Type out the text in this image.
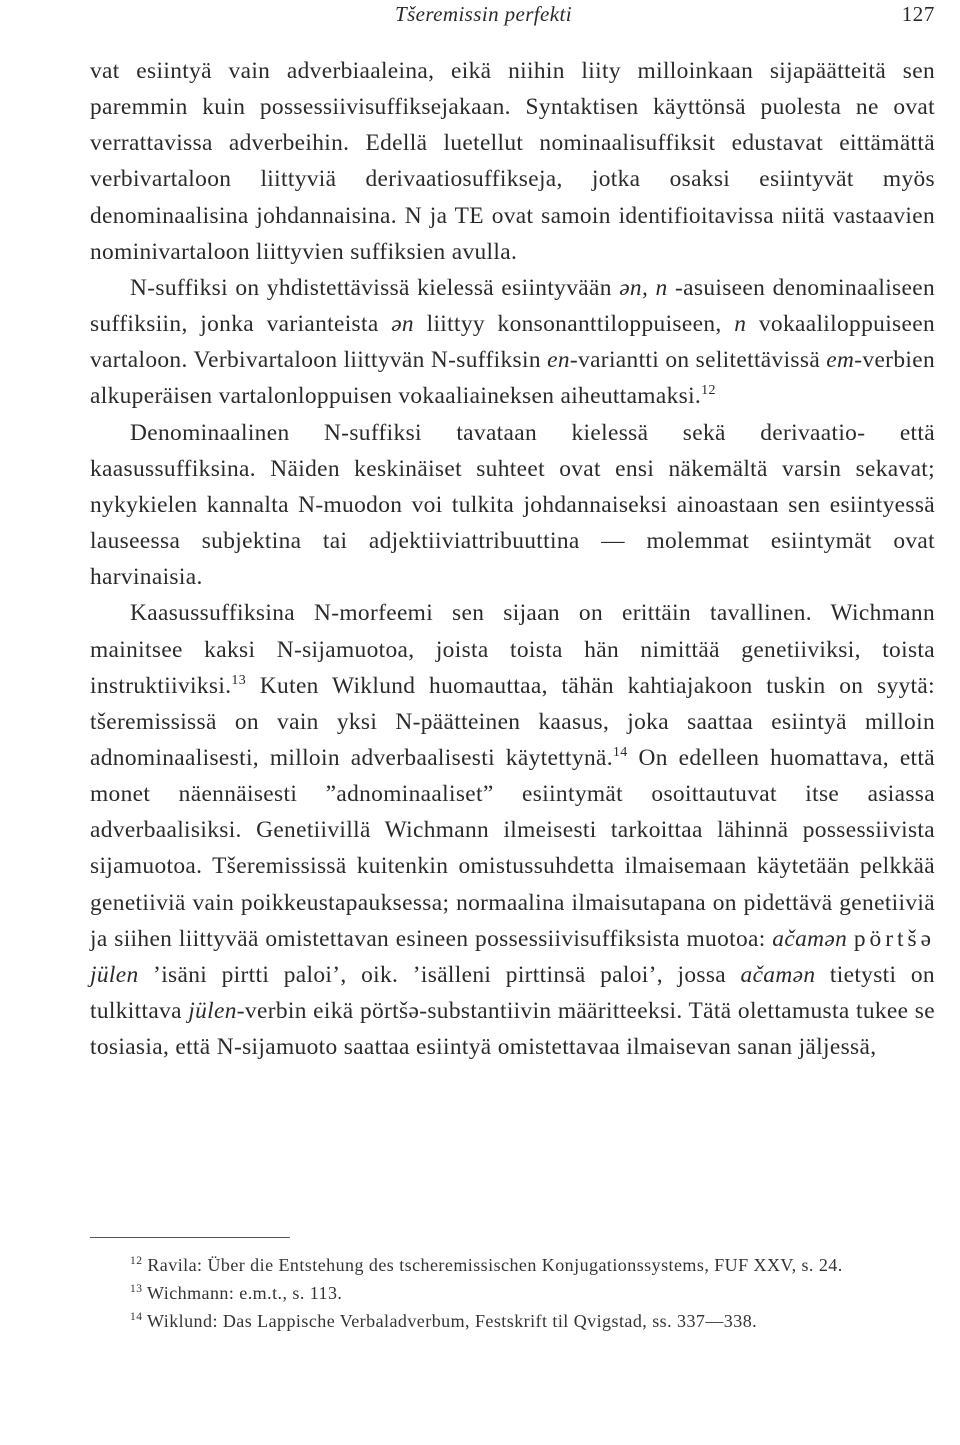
Tšeremissin perfekti	127

vat esiintyä vain adverbiaaleina, eikä niihin liity milloinkaan sijapäätteitä sen paremmin kuin possessiivisuffiksejakaan. Syntaktisen käyttönsä puolesta ne ovat verrattavissa adverbeihin. Edellä luetellut nominaalisuffiksit edustavat eittämättä verbivartaloon liittyviä derivaatiosuffikseja, jotka osaksi esiintyvät myös denominaalisina johdannaisina. N ja TE ovat samoin identifioitavissa niitä vastaavien nominivartaloon liittyvien suffiksien avulla.

N-suffiksi on yhdistettävissä kielessä esiintyvään ən, n -asuiseen denominaaliseen suffiksiin, jonka varianteista ən liittyy konsonanttiloppuiseen, n vokaaliloppuiseen vartaloon. Verbivartaloon liittyvän N-suffiksin en-variantti on selitettävissä em-verbien alkuperäisen vartalonloppuisen vokaaliaineksen aiheuttamaksi.$^{12}$

Denominaalinen N-suffiksi tavataan kielessä sekä derivaatio- että kaasussuffiksina. Näiden keskinäiset suhteet ovat ensi näkemältä varsin sekavat; nykykielen kannalta N-muodon voi tulkita johdannaiseksi ainoastaan sen esiintyessä lauseessa subjektina tai adjektiiviattribuuttina — molemmat esiintymät ovat harvinaisia.

Kaasussuffiksina N-morfeemi sen sijaan on erittäin tavallinen. Wichmann mainitsee kaksi N-sijamuotoa, joista toista hän nimittää genetiiviksi, toista instruktiiviksi.$^{13}$ Kuten Wiklund huomauttaa, tähän kahtiajakoon tuskin on syytä: tšeremississä on vain yksi N-päätteinen kaasus, joka saattaa esiintyä milloin adnominaalisesti, milloin adverbaalisesti käytettynä.$^{14}$ On edelleen huomattava, että monet näennäisesti ”adnominaaliset” esiintymät osoittautuvat itse asiassa adverbaalisiksi. Genetiivillä Wichmann ilmeisesti tarkoittaa lähinnä possessiivista sijamuotoa. Tšeremississä kuitenkin omistussuhdetta ilmaisemaan käytetään pelkkää genetiiviä vain poikkeustapauksessa; normaalina ilmaisutapana on pidettävä genetiiviä ja siihen liittyvää omistettavan esineen possessiivisuffiksista muotoa: ačamən pörtšə jülen ’isäni pirtti paloi’, oik. ’isälleni pirttinsä paloi’, jossa ačamən tietysti on tulkittava jülen-verbin eikä pörtšə-substantiivin määritteeksi. Tätä olettamusta tukee se tosiasia, että N-sijamuoto saattaa esiintyä omistettavaa ilmaisevan sanan jäljessä,

$^{12}$ Ravila: Über die Entstehung des tscheremissischen Konjugationssystems, FUF XXV, s. 24.

$^{13}$ Wichmann: e.m.t., s. 113.

$^{14}$ Wiklund: Das Lappische Verbaladverbum, Festskrift til Qvigstad, ss. 337—338.
